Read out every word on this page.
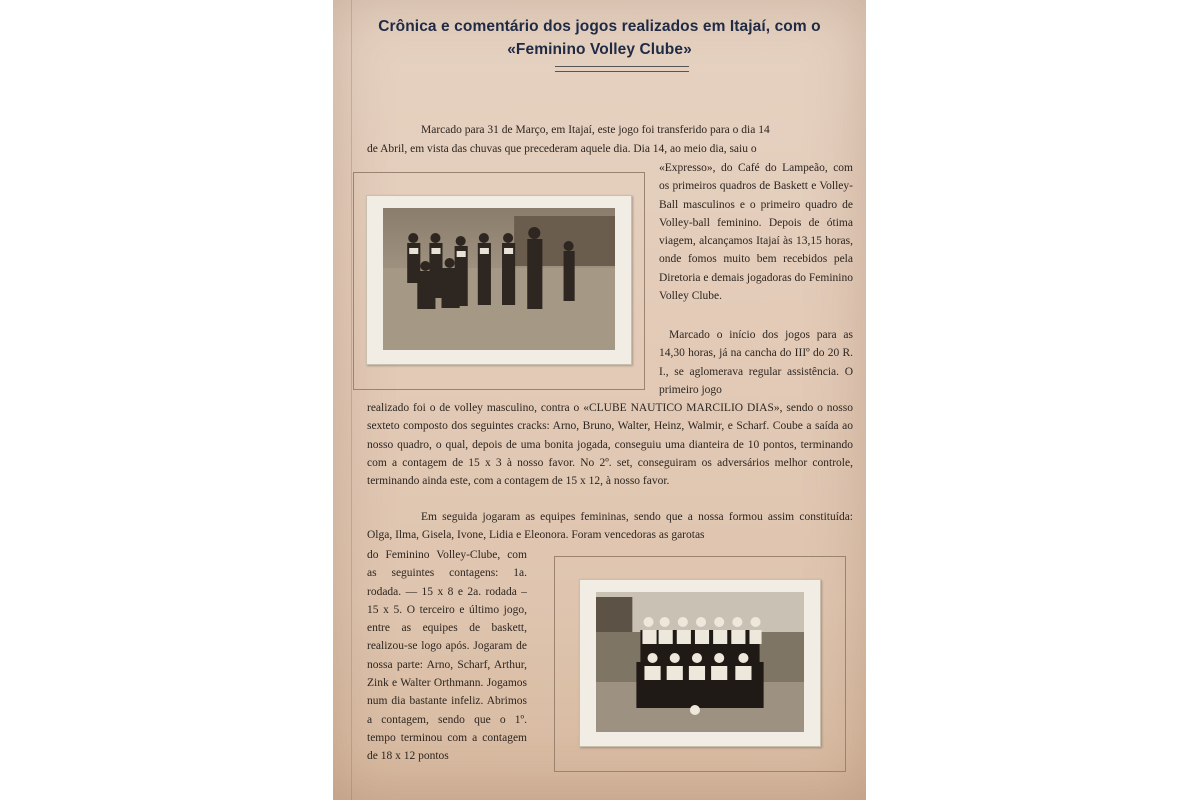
Crônica e comentário dos jogos realizados em Itajaí, com o
«Feminino Volley Clube»

Marcado para 31 de Março, em Itajaí, este jogo foi transferido para o dia 14

de Abril, em vista das chuvas que precederam aquele dia. Dia 14, ao meio dia, saiu o

«Expresso», do Café do Lampeão, com os primeiros quadros de Baskett e Volley-Ball masculinos e o primeiro quadro de Volley-ball feminino. Depois de ótima viagem, alcançamos Itajaí às 13,15 horas, onde fomos muito bem recebidos pela Diretoria e demais jogadoras do Feminino Volley Clube.

Marcado o início dos jogos para as 14,30 horas, já na cancha do IIIº do 20 R. I., se aglomerava regular assistência. O primeiro jogo

realizado foi o de volley masculino, contra o «CLUBE NAUTICO MARCILIO DIAS», sendo o nosso sexteto composto dos seguintes cracks: Arno, Bruno, Walter, Heinz, Walmir, e Scharf. Coube a saída ao nosso quadro, o qual, depois de uma bonita jogada, conseguiu uma dianteira de 10 pontos, terminando com a contagem de 15 x 3 à nosso favor. No 2º. set, conseguiram os adversários melhor controle, terminando ainda este, com a contagem de 15 x 12, à nosso favor.

Em seguida jogaram as equipes femininas, sendo que a nossa formou assim constituída: Olga, Ilma, Gisela, Ivone, Lidia e Eleonora. Foram vencedoras as garotas

do Feminino Volley-Clube, com as seguintes contagens: 1a. rodada. — 15 x 8 e 2a. rodada – 15 x 5. O terceiro e último jogo, entre as equipes de baskett, realizou-se logo após. Jogaram de nossa parte: Arno, Scharf, Arthur, Zink e Walter Orthmann. Jogamos num dia bastante infeliz. Abrimos a contagem, sendo que o 1º. tempo terminou com a contagem de 18 x 12 pontos
